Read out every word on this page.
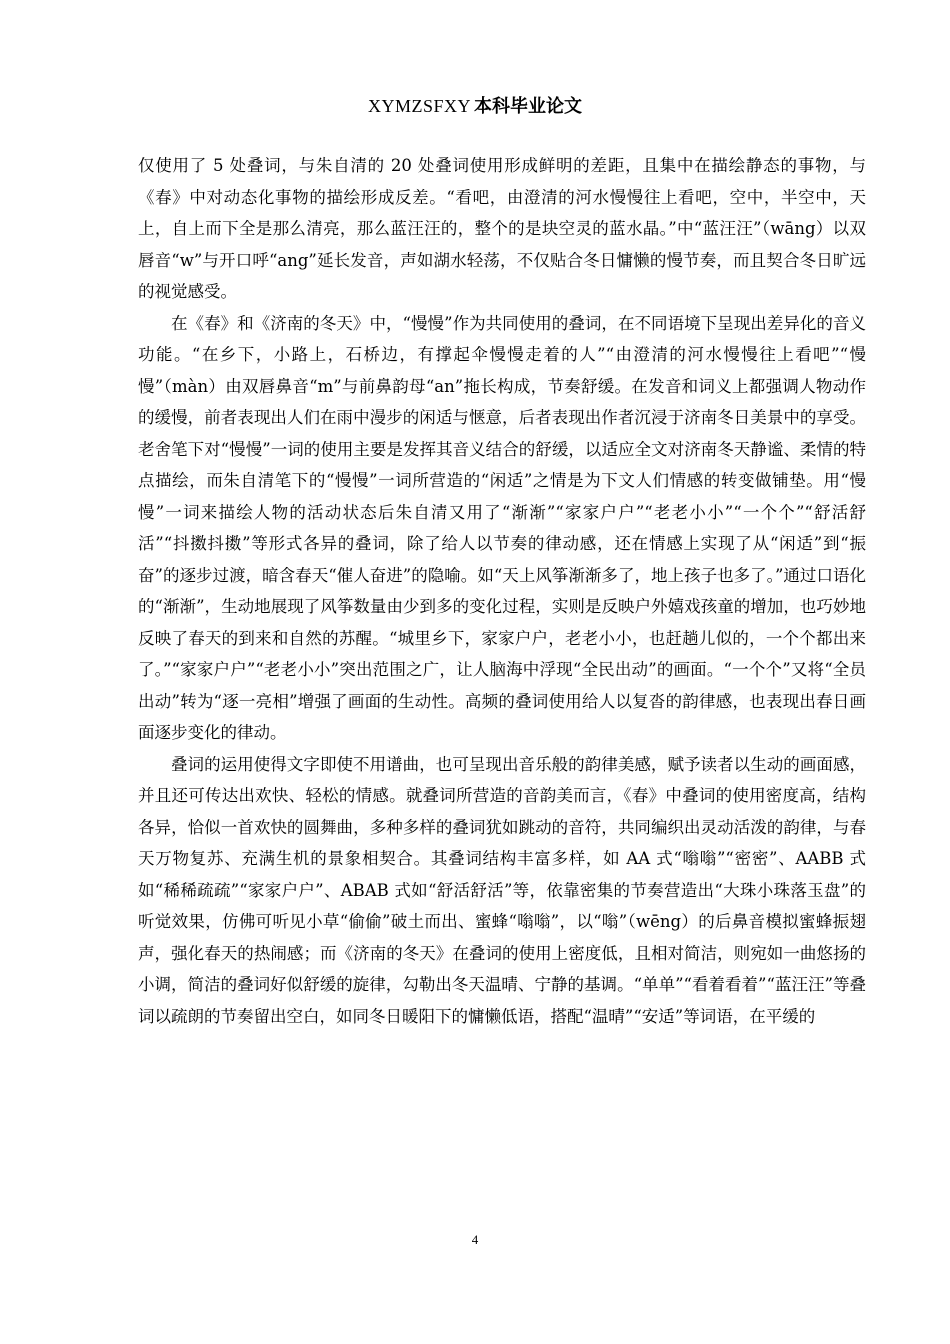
XYMZSFXY 本科毕业论文

仅使用了 5 处叠词，与朱自清的 20 处叠词使用形成鲜明的差距，且集中在描绘静态的事物，与《春》中对动态化事物的描绘形成反差。“看吧，由澄清的河水慢慢往上看吧，空中，半空中，天上，自上而下全是那么清亮，那么蓝汪汪的，整个的是块空灵的蓝水晶。”中“蓝汪汪”（wāng）以双唇音“w”与开口呼“ang”延长发音，声如湖水轻荡，不仅贴合冬日慵懒的慢节奏，而且契合冬日旷远的视觉感受。

在《春》和《济南的冬天》中，“慢慢”作为共同使用的叠词，在不同语境下呈现出差异化的音义功能。“在乡下，小路上，石桥边，有撑起伞慢慢走着的人”“由澄清的河水慢慢往上看吧”“慢慢”（màn）由双唇鼻音“m”与前鼻韵母“an”拖长构成，节奏舒缓。在发音和词义上都强调人物动作的缓慢，前者表现出人们在雨中漫步的闲适与惬意，后者表现出作者沉浸于济南冬日美景中的享受。老舍笔下对“慢慢”一词的使用主要是发挥其音义结合的舒缓，以适应全文对济南冬天静谧、柔情的特点描绘，而朱自清笔下的“慢慢”一词所营造的“闲适”之情是为下文人们情感的转变做铺垫。用“慢慢”一词来描绘人物的活动状态后朱自清又用了“渐渐”“家家户户”“老老小小”“一个个”“舒活舒活”“抖擞抖擞”等形式各异的叠词，除了给人以节奏的律动感，还在情感上实现了从“闲适”到“振奋”的逐步过渡，暗含春天“催人奋进”的隐喻。如“天上风筝渐渐多了，地上孩子也多了。”通过口语化的“渐渐”，生动地展现了风筝数量由少到多的变化过程，实则是反映户外嬉戏孩童的增加，也巧妙地反映了春天的到来和自然的苏醒。“城里乡下，家家户户，老老小小，也赶趟儿似的，一个个都出来了。”“家家户户”“老老小小”突出范围之广，让人脑海中浮现“全民出动”的画面。“一个个”又将“全员出动”转为“逐一亮相”增强了画面的生动性。高频的叠词使用给人以复沓的韵律感，也表现出春日画面逐步变化的律动。

叠词的运用使得文字即使不用谱曲，也可呈现出音乐般的韵律美感，赋予读者以生动的画面感，并且还可传达出欢快、轻松的情感。就叠词所营造的音韵美而言，《春》中叠词的使用密度高，结构各异，恰似一首欢快的圆舞曲，多种多样的叠词犹如跳动的音符，共同编织出灵动活泼的韵律，与春天万物复苏、充满生机的景象相契合。其叠词结构丰富多样，如 AA 式“嗡嗡”“密密”、AABB 式如“稀稀疏疏”“家家户户”、ABAB 式如“舒活舒活”等，依靠密集的节奏营造出“大珠小珠落玉盘”的听觉效果，仿佛可听见小草“偷偷”破土而出、蜜蜂“嗡嗡”，以“嗡”（wēng）的后鼻音模拟蜜蜂振翅声，强化春天的热闹感；而《济南的冬天》在叠词的使用上密度低，且相对简洁，则宛如一曲悠扬的小调，简洁的叠词好似舒缓的旋律，勾勒出冬天温晴、宁静的基调。“单单”“看着看着”“蓝汪汪”等叠词以疏朗的节奏留出空白，如同冬日暖阳下的慵懒低语，搭配“温晴”“安适”等词语，在平缓的

4
